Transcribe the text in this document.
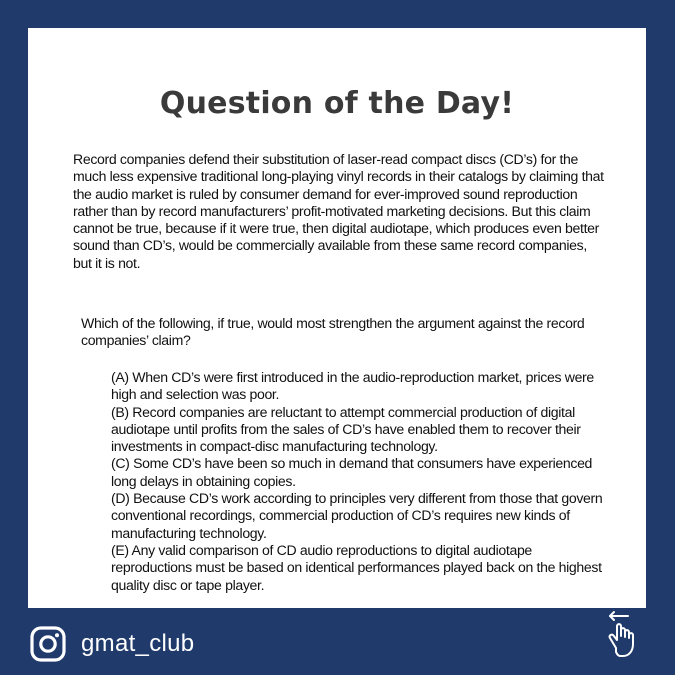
Question of the Day!

Record companies defend their substitution of laser-read compact discs (CD’s) for the much less expensive traditional long-playing vinyl records in their catalogs by claiming that the audio market is ruled by consumer demand for ever-improved sound reproduction rather than by record manufacturers’ profit-motivated marketing decisions. But this claim cannot be true, because if it were true, then digital audiotape, which produces even better sound than CD’s, would be commercially available from these same record companies, but it is not.

Which of the following, if true, would most strengthen the argument against the record companies’ claim?

(A) When CD’s were first introduced in the audio-reproduction market, prices were high and selection was poor.
(B) Record companies are reluctant to attempt commercial production of digital audiotape until profits from the sales of CD’s have enabled them to recover their investments in compact-disc manufacturing technology.
(C) Some CD’s have been so much in demand that consumers have experienced long delays in obtaining copies.
(D) Because CD’s work according to principles very different from those that govern conventional recordings, commercial production of CD’s requires new kinds of manufacturing technology.
(E) Any valid comparison of CD audio reproductions to digital audiotape reproductions must be based on identical performances played back on the highest quality disc or tape player.
gmat_club
